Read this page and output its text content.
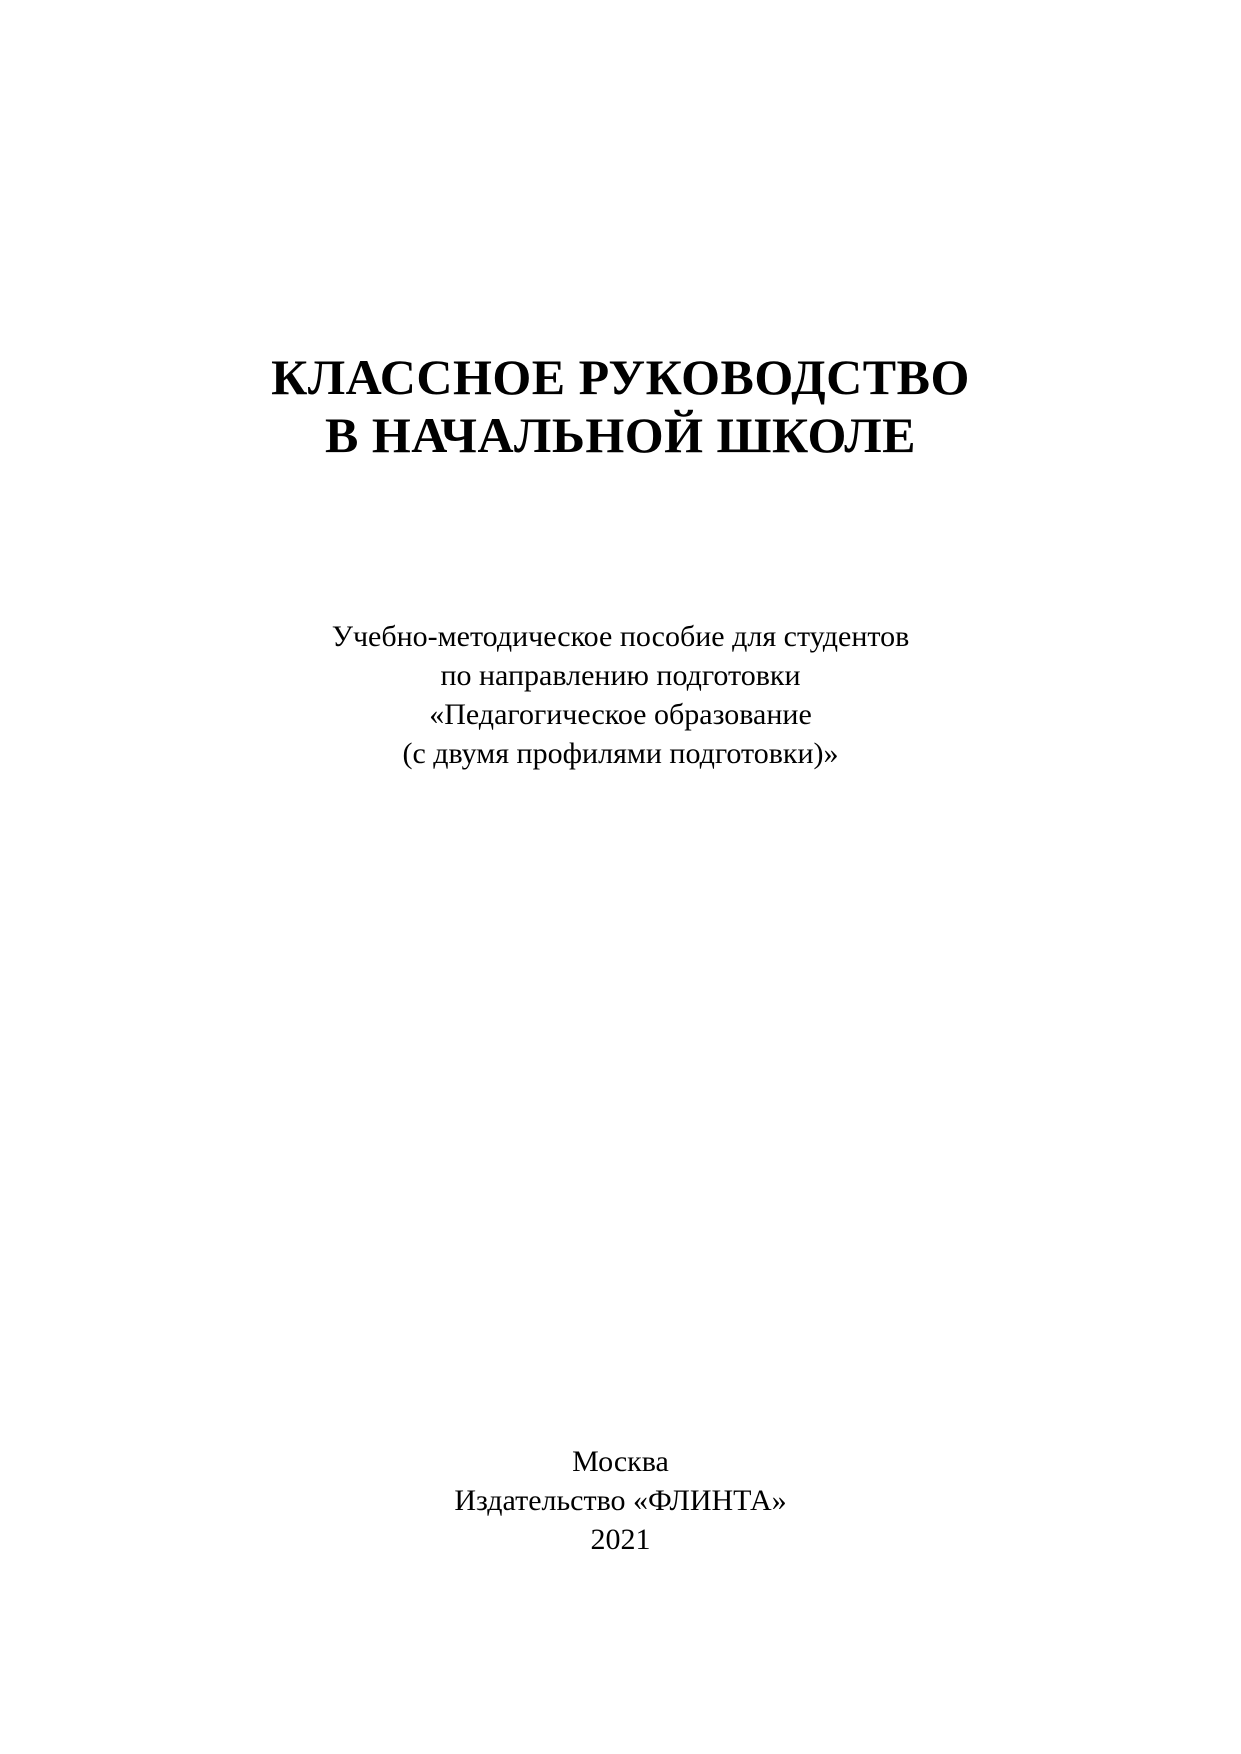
КЛАССНОЕ РУКОВОДСТВО
В НАЧАЛЬНОЙ ШКОЛЕ
Учебно-методическое пособие для студентов
по направлению подготовки
«Педагогическое образование
(с двумя профилями подготовки)»
Москва
Издательство «ФЛИНТА»
2021
